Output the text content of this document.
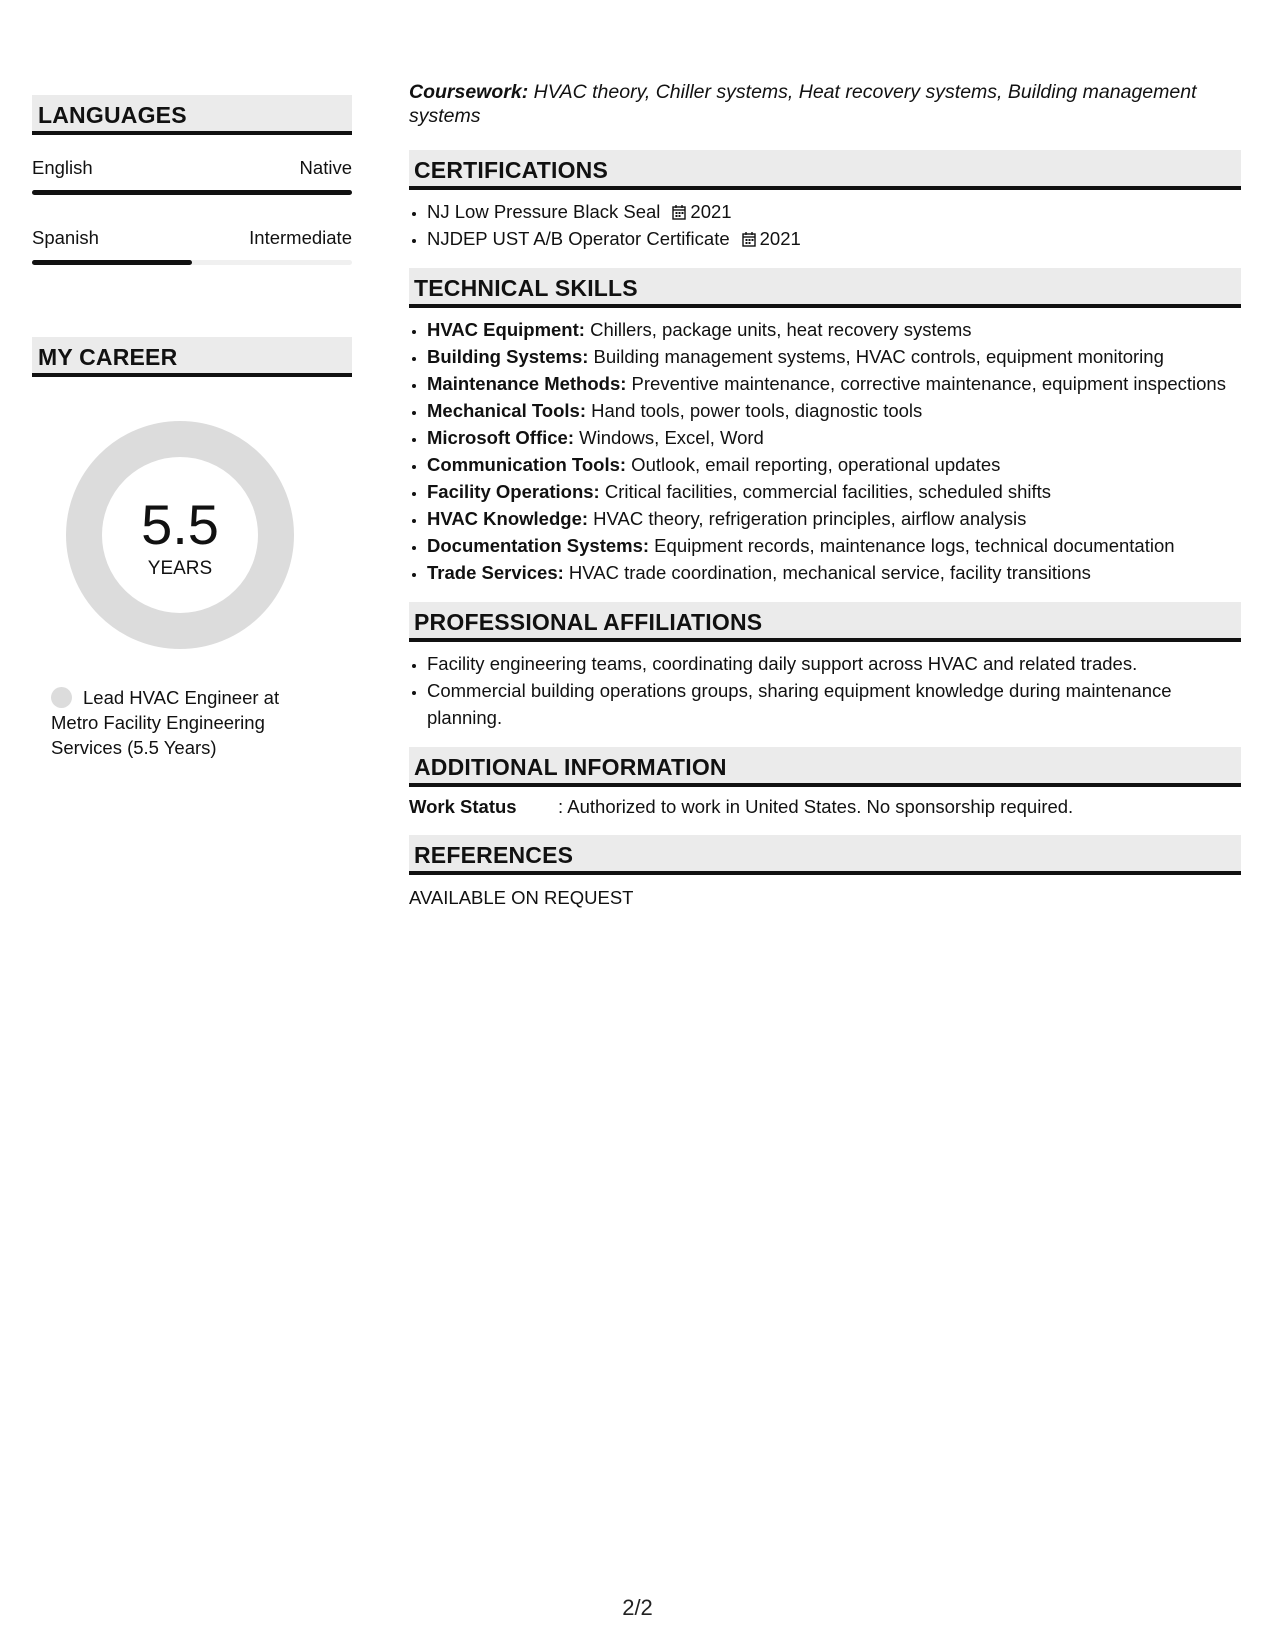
LANGUAGES
English	Native
Spanish	Intermediate
MY CAREER
5.5
YEARS
Lead HVAC Engineer at Metro Facility Engineering Services (5.5 Years)
Coursework: HVAC theory, Chiller systems, Heat recovery systems, Building management systems
CERTIFICATIONS
• NJ Low Pressure Black Seal 2021
• NJDEP UST A/B Operator Certificate 2021
TECHNICAL SKILLS
• HVAC Equipment: Chillers, package units, heat recovery systems
• Building Systems: Building management systems, HVAC controls, equipment monitoring
• Maintenance Methods: Preventive maintenance, corrective maintenance, equipment inspections
• Mechanical Tools: Hand tools, power tools, diagnostic tools
• Microsoft Office: Windows, Excel, Word
• Communication Tools: Outlook, email reporting, operational updates
• Facility Operations: Critical facilities, commercial facilities, scheduled shifts
• HVAC Knowledge: HVAC theory, refrigeration principles, airflow analysis
• Documentation Systems: Equipment records, maintenance logs, technical documentation
• Trade Services: HVAC trade coordination, mechanical service, facility transitions
PROFESSIONAL AFFILIATIONS
• Facility engineering teams, coordinating daily support across HVAC and related trades.
• Commercial building operations groups, sharing equipment knowledge during maintenance planning.
ADDITIONAL INFORMATION
Work Status : Authorized to work in United States. No sponsorship required.
REFERENCES
AVAILABLE ON REQUEST
2/2
